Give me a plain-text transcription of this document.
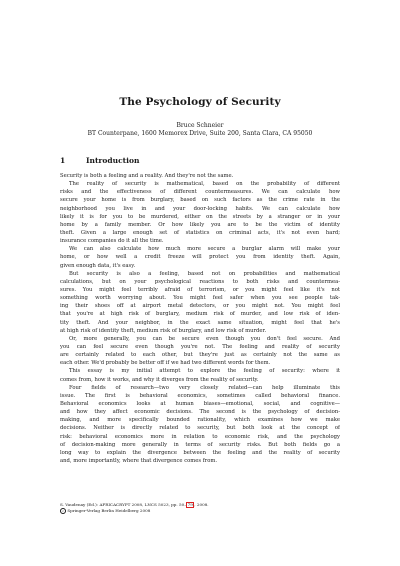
The Psychology of Security
Bruce Schneier
BT Counterpane, 1600 Memorex Drive, Suite 200, Santa Clara, CA 95050
1	Introduction
Security is both a feeling and a reality. And they're not the same.
The reality of security is mathematical, based on the probability of different
risks and the effectiveness of different countermeasures. We can calculate how
secure your home is from burglary, based on such factors as the crime rate in the
neighborhood you live in and your door-locking habits. We can calculate how
likely it is for you to be murdered, either on the streets by a stranger or in your
home by a family member. Or how likely you are to be the victim of identity
theft. Given a large enough set of statistics on criminal acts, it's not even hard;
insurance companies do it all the time.
We can also calculate how much more secure a burglar alarm will make your
home, or how well a credit freeze will protect you from identity theft. Again,
given enough data, it's easy.
But security is also a feeling, based not on probabilities and mathematical
calculations, but on your psychological reactions to both risks and countermea-
sures. You might feel terribly afraid of terrorism, or you might feel like it's not
something worth worrying about. You might feel safer when you see people tak-
ing their shoes off at airport metal detectors, or you might not. You might feel
that you're at high risk of burglary, medium risk of murder, and low risk of iden-
tity theft. And your neighbor, in the exact same situation, might feel that he's
at high risk of identity theft, medium risk of burglary, and low risk of murder.
Or, more generally, you can be secure even though you don't feel secure. And
you can feel secure even though you're not. The feeling and reality of security
are certainly related to each other, but they're just as certainly not the same as
each other. We'd probably be better off if we had two different words for them.
This essay is my initial attempt to explore the feeling of security: where it
comes from, how it works, and why it diverges from the reality of security.
Four fields of research—two very closely related—can help illuminate this
issue. The first is behavioral economics, sometimes called behavioral finance.
Behavioral economics looks at human biases—emotional, social, and cognitive—
and how they affect economic decisions. The second is the psychology of decision-
making, and more specifically bounded rationality, which examines how we make
decisions. Neither is directly related to security, but both look at the concept of
risk: behavioral economics more in relation to economic risk, and the psychology
of decision-making more generally in terms of security risks. But both fields go a
long way to explain the divergence between the feeling and the reality of security
and, more importantly, where that divergence comes from.
S. Vaudenay (Ed.): AFRICACRYPT 2008, LNCS 5023, pp. 50–79, 2008.
c Springer-Verlag Berlin Heidelberg 2008
